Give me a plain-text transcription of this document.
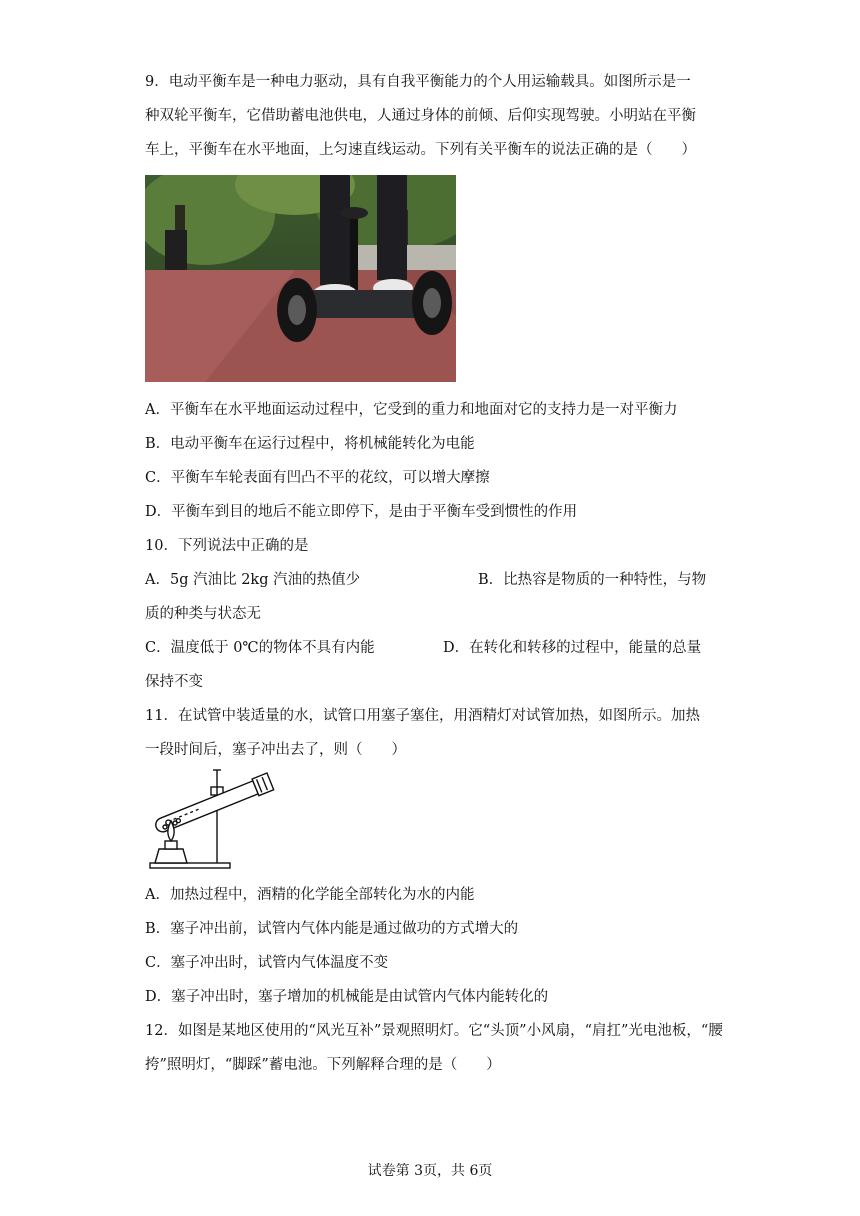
9．电动平衡车是一种电力驱动，具有自我平衡能力的个人用运输载具。如图所示是一
种双轮平衡车，它借助蓄电池供电，人通过身体的前倾、后仰实现驾驶。小明站在平衡
车上，平衡车在水平地面，上匀速直线运动。下列有关平衡车的说法正确的是（　　）
A．平衡车在水平地面运动过程中，它受到的重力和地面对它的支持力是一对平衡力
B．电动平衡车在运行过程中，将机械能转化为电能
C．平衡车车轮表面有凹凸不平的花纹，可以增大摩擦
D．平衡车到目的地后不能立即停下，是由于平衡车受到惯性的作用
10．下列说法中正确的是
A．5g 汽油比 2kg 汽油的热值少	B．比热容是物质的一种特性，与物
质的种类与状态无
C．温度低于 0℃的物体不具有内能	D．在转化和转移的过程中，能量的总量
保持不变
11．在试管中装适量的水，试管口用塞子塞住，用酒精灯对试管加热，如图所示。加热
一段时间后，塞子冲出去了，则（　　）
A．加热过程中，酒精的化学能全部转化为水的内能
B．塞子冲出前，试管内气体内能是通过做功的方式增大的
C．塞子冲出时，试管内气体温度不变
D．塞子冲出时，塞子增加的机械能是由试管内气体内能转化的
12．如图是某地区使用的“风光互补”景观照明灯。它“头顶”小风扇，“肩扛”光电池板，“腰
挎”照明灯，“脚踩”蓄电池。下列解释合理的是（　　）
试卷第 3页，共 6页
